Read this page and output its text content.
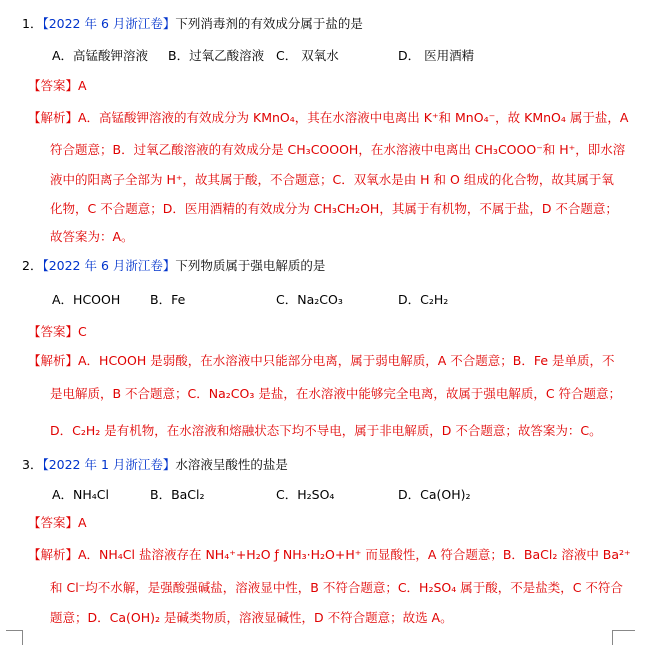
1．【2022 年 6 月浙江卷】下列消毒剂的有效成分属于盐的是
A．高锰酸钾溶液 B．过氧乙酸溶液 C． 双氧水	D． 医用酒精
【答案】A
【解析】A．高锰酸钾溶液的有效成分为 KMnO₄，其在水溶液中电离出 K⁺和 MnO₄⁻，故 KMnO₄ 属于盐，A
符合题意；B．过氧乙酸溶液的有效成分是 CH₃COOOH，在水溶液中电离出 CH₃COOO⁻和 H⁺，即水溶
液中的阳离子全部为 H⁺，故其属于酸，不合题意；C．双氧水是由 H 和 O 组成的化合物，故其属于氧
化物，C 不合题意；D．医用酒精的有效成分为 CH₃CH₂OH，其属于有机物，不属于盐，D 不合题意；
故答案为：A。
2．【2022 年 6 月浙江卷】下列物质属于强电解质的是
A．HCOOH B．Fe	C．Na₂CO₃	D．C₂H₂
【答案】C
【解析】A．HCOOH 是弱酸，在水溶液中只能部分电离，属于弱电解质，A 不合题意；B．Fe 是单质，不
是电解质，B 不合题意；C．Na₂CO₃ 是盐，在水溶液中能够完全电离，故属于强电解质，C 符合题意；
D．C₂H₂ 是有机物，在水溶液和熔融状态下均不导电，属于非电解质，D 不合题意；故答案为：C。
3．【2022 年 1 月浙江卷】水溶液呈酸性的盐是
A．NH₄Cl	B．BaCl₂	C．H₂SO₄	D．Ca(OH)₂
【答案】A
【解析】A．NH₄Cl 盐溶液存在 NH₄⁺+H₂O ƒ NH₃·H₂O+H⁺ 而显酸性，A 符合题意；B．BaCl₂ 溶液中 Ba²⁺
和 Cl⁻均不水解，是强酸强碱盐，溶液显中性，B 不符合题意；C．H₂SO₄ 属于酸，不是盐类，C 不符合
题意；D．Ca(OH)₂ 是碱类物质，溶液显碱性，D 不符合题意；故选 A。
